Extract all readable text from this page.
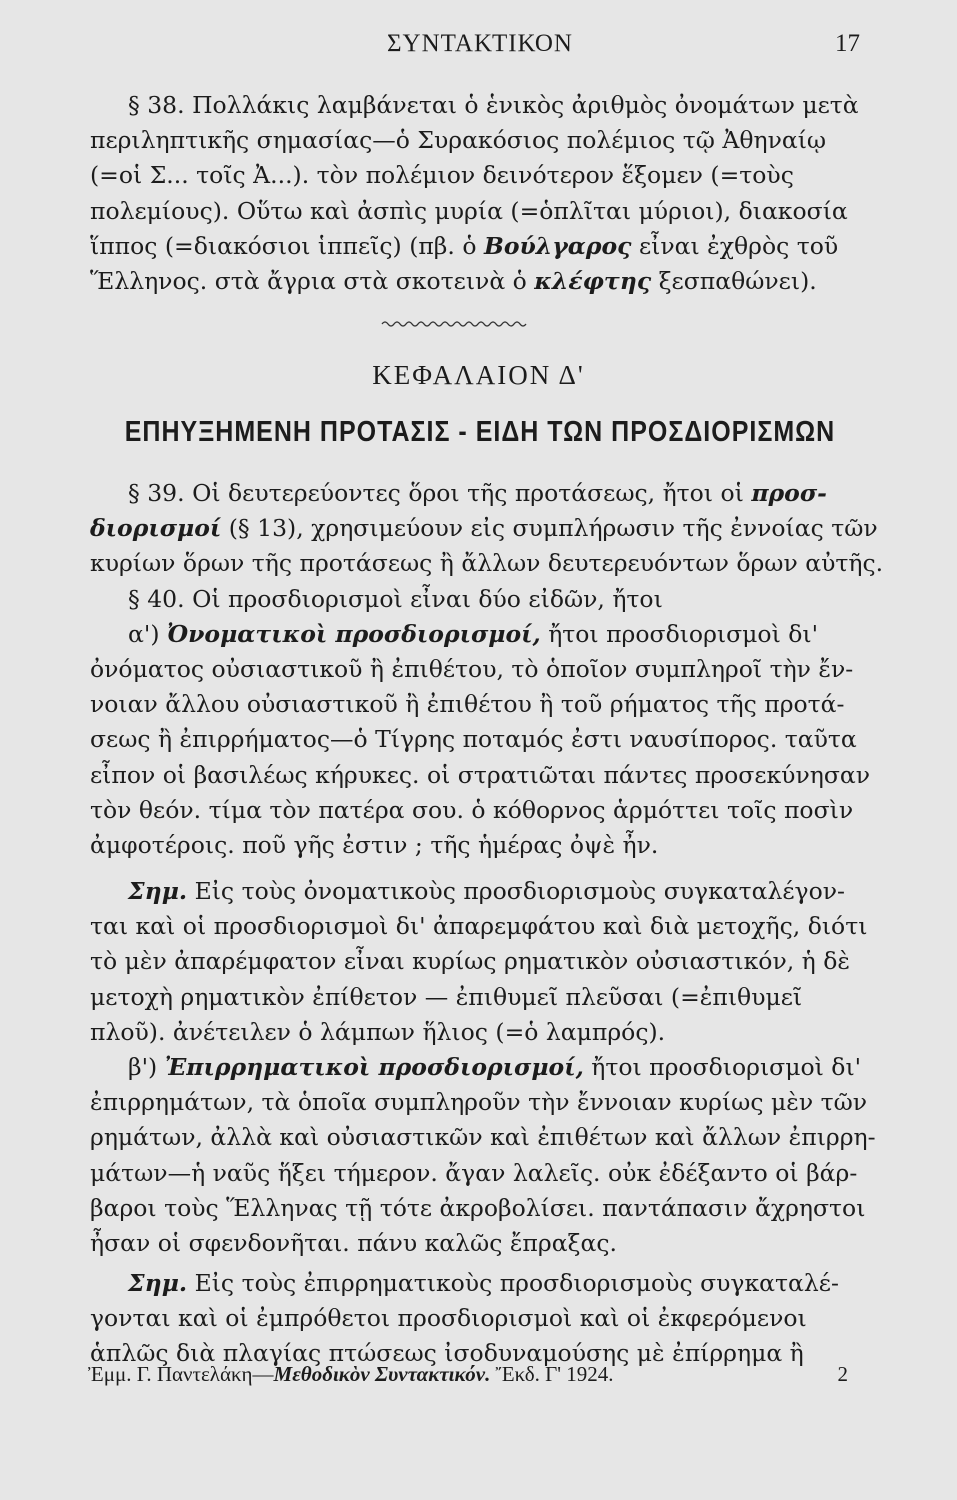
ΣΥΝΤΑΚΤΙΚΟΝ	17
§ 38. Πολλάκις λαμβάνεται ὁ ἑνικὸς ἀριθμὸς ὀνομάτων μετὰ
περιληπτικῆς σημασίας—ὁ Συρακόσιος πολέμιος τῷ Ἀθηναίῳ
(=οἱ Σ... τοῖς Ἀ...). τὸν πολέμιον δεινότερον ἕξομεν (=τοὺς
πολεμίους). Οὕτω καὶ ἀσπὶς μυρία (=ὁπλῖται μύριοι), διακοσία
ἵππος (=διακόσιοι ἱππεῖς) (πβ. ὁ Βούλγαρος εἶναι ἐχθρὸς τοῦ
Ἕλληνος. στὰ ἄγρια στὰ σκοτεινὰ ὁ κλέφτης ξεσπαθώνει).
ΚΕΦΑΛΑΙΟΝ Δ'
ΕΠΗΥΞΗΜΕΝΗ ΠΡΟΤΑΣΙΣ - ΕΙΔΗ ΤΩΝ ΠΡΟΣΔΙΟΡΙΣΜΩΝ
§ 39. Οἱ δευτερεύοντες ὅροι τῆς προτάσεως, ἤτοι οἱ προσ-
διορισμοί (§ 13), χρησιμεύουν εἰς συμπλήρωσιν τῆς ἐννοίας τῶν
κυρίων ὅρων τῆς προτάσεως ἢ ἄλλων δευτερευόντων ὅρων αὐτῆς.
§ 40. Οἱ προσδιορισμοὶ εἶναι δύο εἰδῶν, ἤτοι
α') Ὀνοματικοὶ προσδιορισμοί, ἤτοι προσδιορισμοὶ δι'
ὀνόματος οὐσιαστικοῦ ἢ ἐπιθέτου, τὸ ὁποῖον συμπληροῖ τὴν ἔν-
νοιαν ἄλλου οὐσιαστικοῦ ἢ ἐπιθέτου ἢ τοῦ ρήματος τῆς προτά-
σεως ἢ ἐπιρρήματος—ὁ Τίγρης ποταμός ἐστι ναυσίπορος. ταῦτα
εἶπον οἱ βασιλέως κήρυκες. οἱ στρατιῶται πάντες προσεκύνησαν
τὸν θεόν. τίμα τὸν πατέρα σου. ὁ κόθορνος ἁρμόττει τοῖς ποσὶν
ἀμφοτέροις. ποῦ γῆς ἐστιν ; τῆς ἡμέρας ὀψὲ ἦν.
Σημ. Εἰς τοὺς ὀνοματικοὺς προσδιορισμοὺς συγκαταλέγον-
ται καὶ οἱ προσδιορισμοὶ δι' ἀπαρεμφάτου καὶ διὰ μετοχῆς, διότι
τὸ μὲν ἀπαρέμφατον εἶναι κυρίως ρηματικὸν οὐσιαστικόν, ἡ δὲ
μετοχὴ ρηματικὸν ἐπίθετον — ἐπιθυμεῖ πλεῦσαι (=ἐπιθυμεῖ
πλοῦ). ἀνέτειλεν ὁ λάμπων ἥλιος (=ὁ λαμπρός).
β') Ἐπιρρηματικοὶ προσδιορισμοί, ἤτοι προσδιορισμοὶ δι'
ἐπιρρημάτων, τὰ ὁποῖα συμπληροῦν τὴν ἔννοιαν κυρίως μὲν τῶν
ρημάτων, ἀλλὰ καὶ οὐσιαστικῶν καὶ ἐπιθέτων καὶ ἄλλων ἐπιρρη-
μάτων—ἡ ναῦς ἥξει τήμερον. ἄγαν λαλεῖς. οὐκ ἐδέξαντο οἱ βάρ-
βαροι τοὺς Ἕλληνας τῇ τότε ἀκροβολίσει. παντάπασιν ἄχρηστοι
ἦσαν οἱ σφενδονῆται. πάνυ καλῶς ἔπραξας.
Σημ. Εἰς τοὺς ἐπιρρηματικοὺς προσδιορισμοὺς συγκαταλέ-
γονται καὶ οἱ ἐμπρόθετοι προσδιορισμοὶ καὶ οἱ ἐκφερόμενοι
ἁπλῶς διὰ πλαγίας πτώσεως ἰσοδυναμούσης μὲ ἐπίρρημα ἢ
Ἐμμ. Γ. Παντελάκη—Μεθοδικὸν Συντακτικόν. Ἔκδ. Γ' 1924.	2
